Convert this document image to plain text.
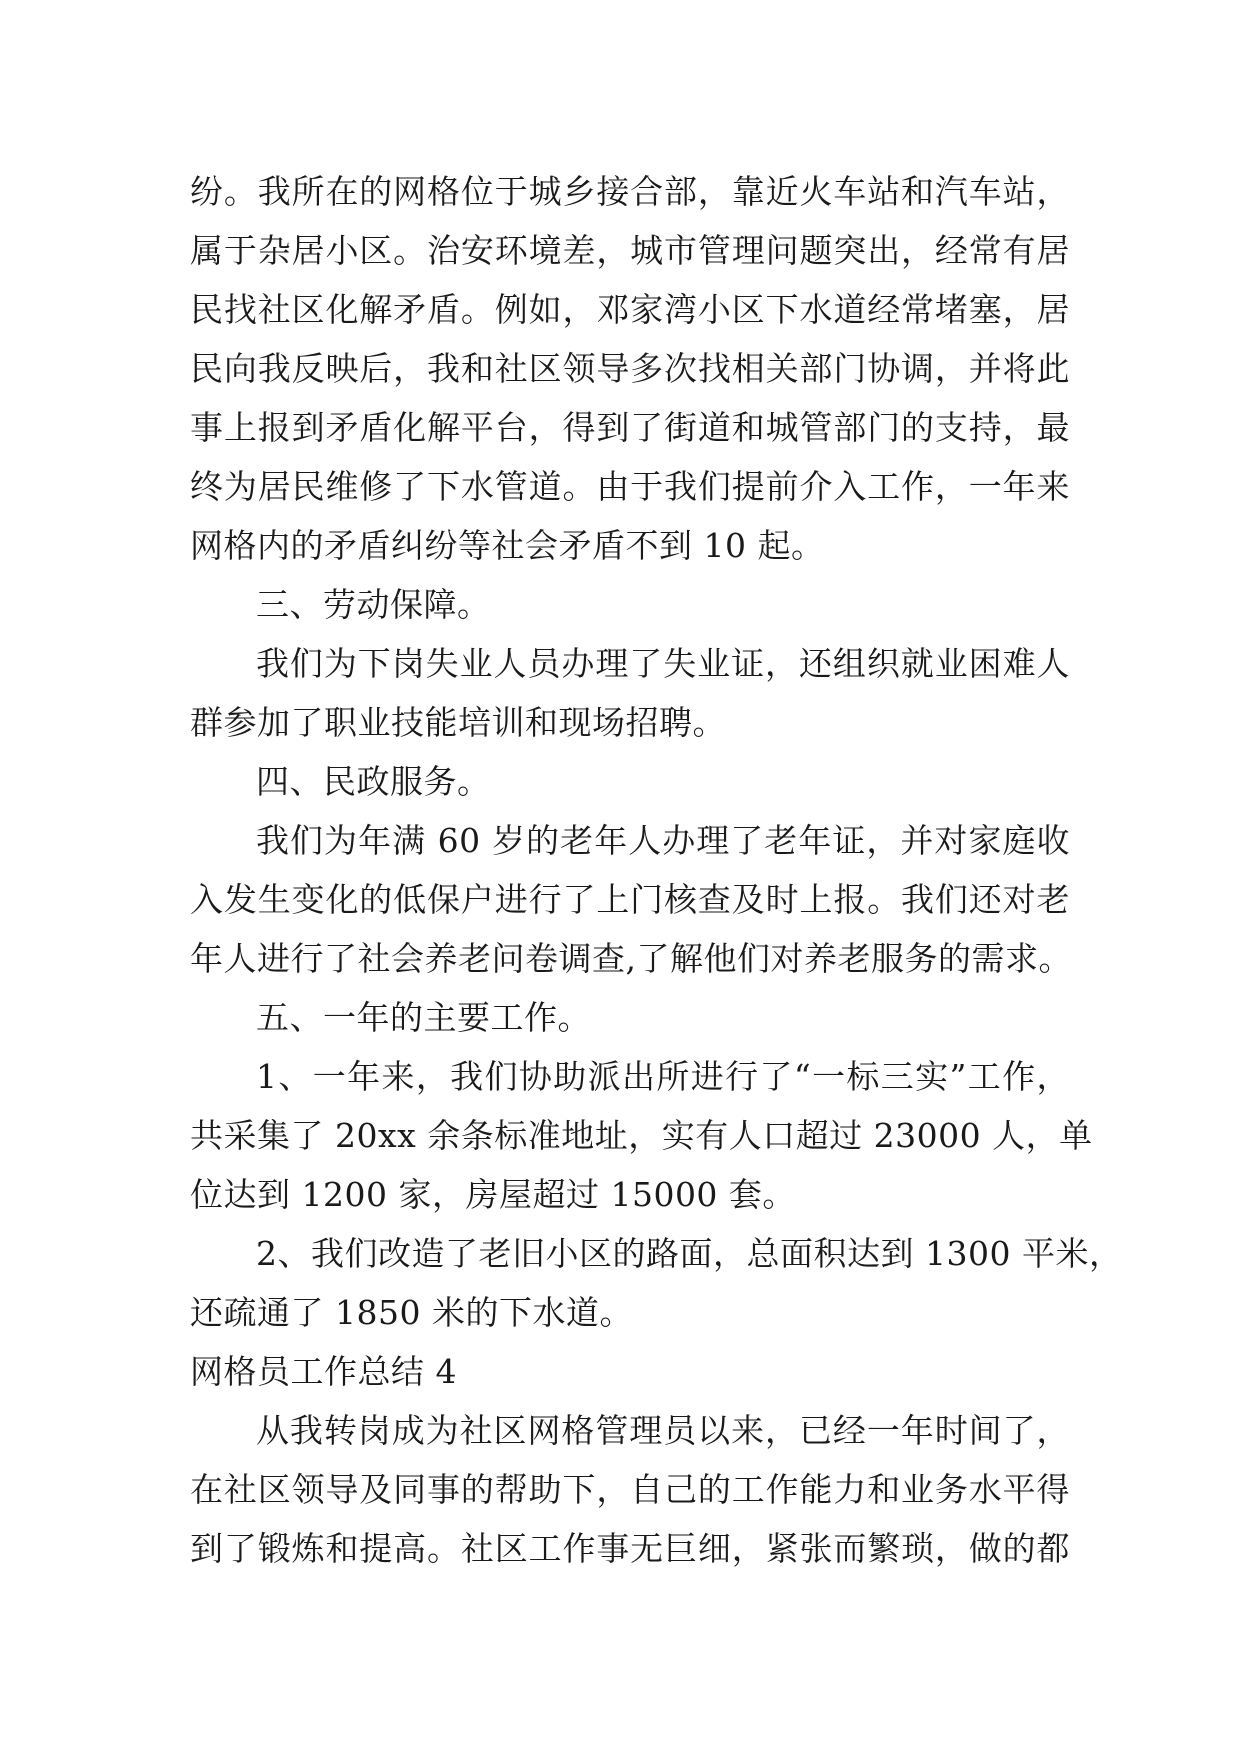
纷。我所在的网格位于城乡接合部，靠近火车站和汽车站，
属于杂居小区。治安环境差，城市管理问题突出，经常有居
民找社区化解矛盾。例如，邓家湾小区下水道经常堵塞，居
民向我反映后，我和社区领导多次找相关部门协调，并将此
事上报到矛盾化解平台，得到了街道和城管部门的支持，最
终为居民维修了下水管道。由于我们提前介入工作，一年来
网格内的矛盾纠纷等社会矛盾不到 10 起。
三、劳动保障。
我们为下岗失业人员办理了失业证，还组织就业困难人
群参加了职业技能培训和现场招聘。
四、民政服务。
我们为年满 60 岁的老年人办理了老年证，并对家庭收
入发生变化的低保户进行了上门核查及时上报。我们还对老
年人进行了社会养老问卷调查,了解他们对养老服务的需求。
五、一年的主要工作。
1、一年来，我们协助派出所进行了“一标三实”工作，
共采集了 20xx 余条标准地址，实有人口超过 23000 人，单
位达到 1200 家，房屋超过 15000 套。
2、我们改造了老旧小区的路面，总面积达到 1300 平米，
还疏通了 1850 米的下水道。
网格员工作总结 4
从我转岗成为社区网格管理员以来，已经一年时间了，
在社区领导及同事的帮助下，自己的工作能力和业务水平得
到了锻炼和提高。社区工作事无巨细，紧张而繁琐，做的都
